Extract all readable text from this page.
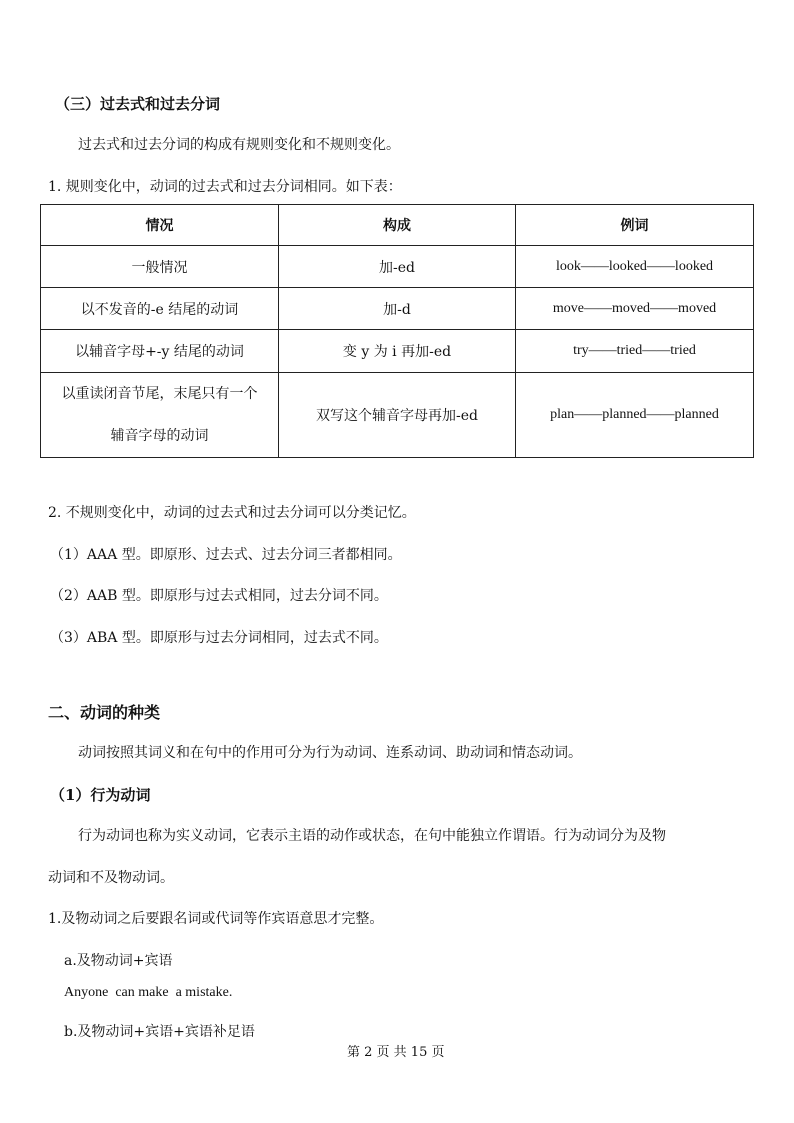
（三）过去式和过去分词
过去式和过去分词的构成有规则变化和不规则变化。
1. 规则变化中，动词的过去式和过去分词相同。如下表：
情况	构成	例词
一般情况	加-ed	look——looked——looked
以不发音的-e 结尾的动词	加-d	move——moved——moved
以辅音字母+-y 结尾的动词	变 y 为 i 再加-ed	try——tried——tried

以重读闭音节尾，末尾只有一个
辅音字母的动词	双写这个辅音字母再加-ed	plan——planned——planned
2. 不规则变化中，动词的过去式和过去分词可以分类记忆。
（1）AAA 型。即原形、过去式、过去分词三者都相同。
（2）AAB 型。即原形与过去式相同，过去分词不同。
（3）ABA 型。即原形与过去分词相同，过去式不同。
二、动词的种类
动词按照其词义和在句中的作用可分为行为动词、连系动词、助动词和情态动词。
（1）行为动词
行为动词也称为实义动词，它表示主语的动作或状态，在句中能独立作谓语。行为动词分为及物
动词和不及物动词。
1.及物动词之后要跟名词或代词等作宾语意思才完整。
a.及物动词+宾语
Anyone  can make  a mistake.
b.及物动词+宾语+宾语补足语
第 2 页 共 15 页
